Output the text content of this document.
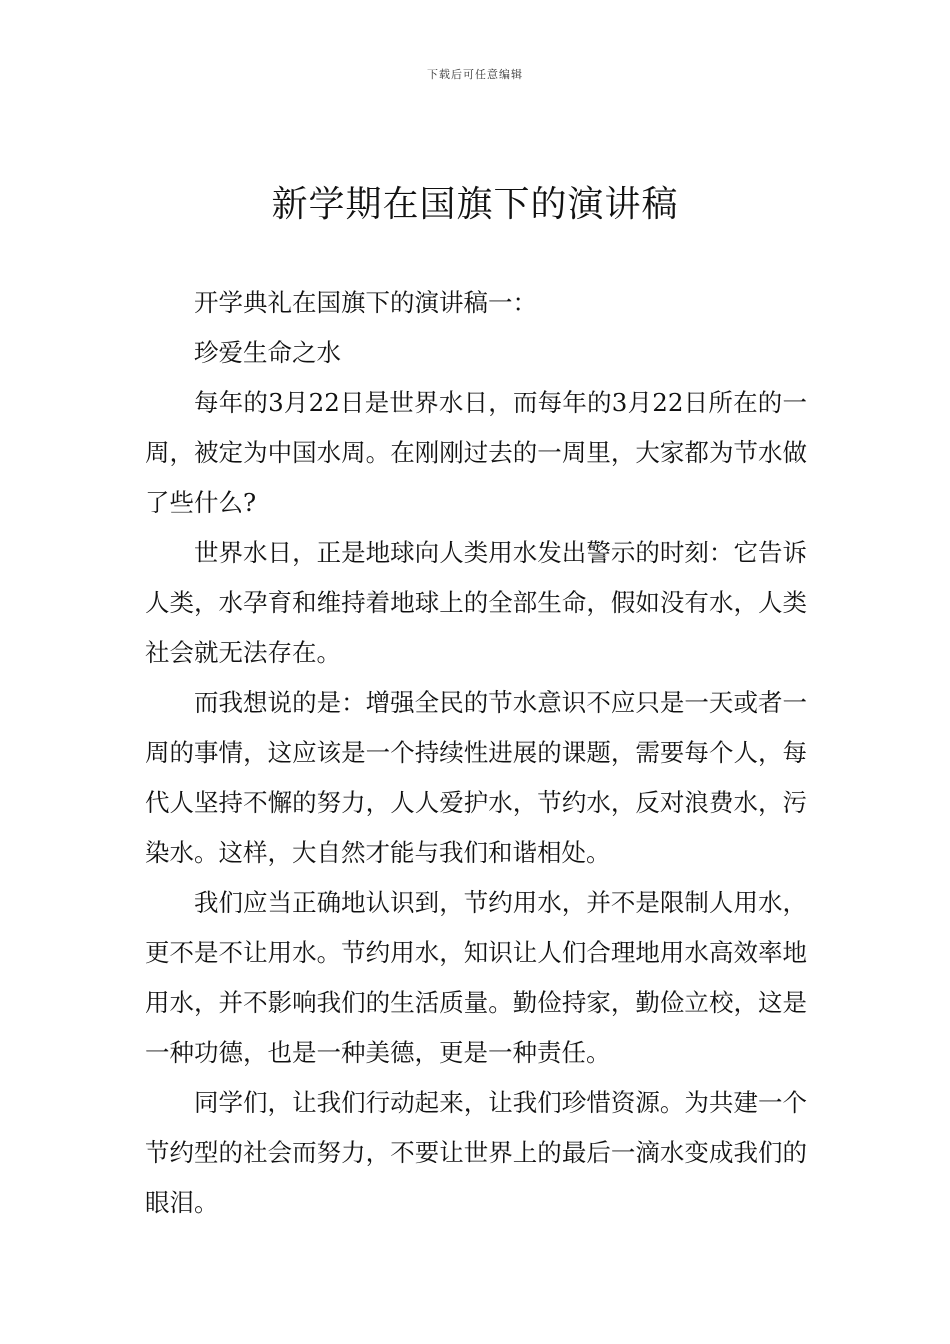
下载后可任意编辑
新学期在国旗下的演讲稿

开学典礼在国旗下的演讲稿一：

珍爱生命之水

每年的3月22日是世界水日，而每年的3月22日所在的一周，被定为中国水周。在刚刚过去的一周里，大家都为节水做了些什么?

世界水日，正是地球向人类用水发出警示的时刻：它告诉人类，水孕育和维持着地球上的全部生命，假如没有水，人类社会就无法存在。

而我想说的是：增强全民的节水意识不应只是一天或者一周的事情，这应该是一个持续性进展的课题，需要每个人，每代人坚持不懈的努力，人人爱护水，节约水，反对浪费水，污染水。这样，大自然才能与我们和谐相处。

我们应当正确地认识到，节约用水，并不是限制人用水，更不是不让用水。节约用水，知识让人们合理地用水高效率地用水，并不影响我们的生活质量。勤俭持家，勤俭立校，这是一种功德，也是一种美德，更是一种责任。

同学们，让我们行动起来，让我们珍惜资源。为共建一个节约型的社会而努力，不要让世界上的最后一滴水变成我们的眼泪。
